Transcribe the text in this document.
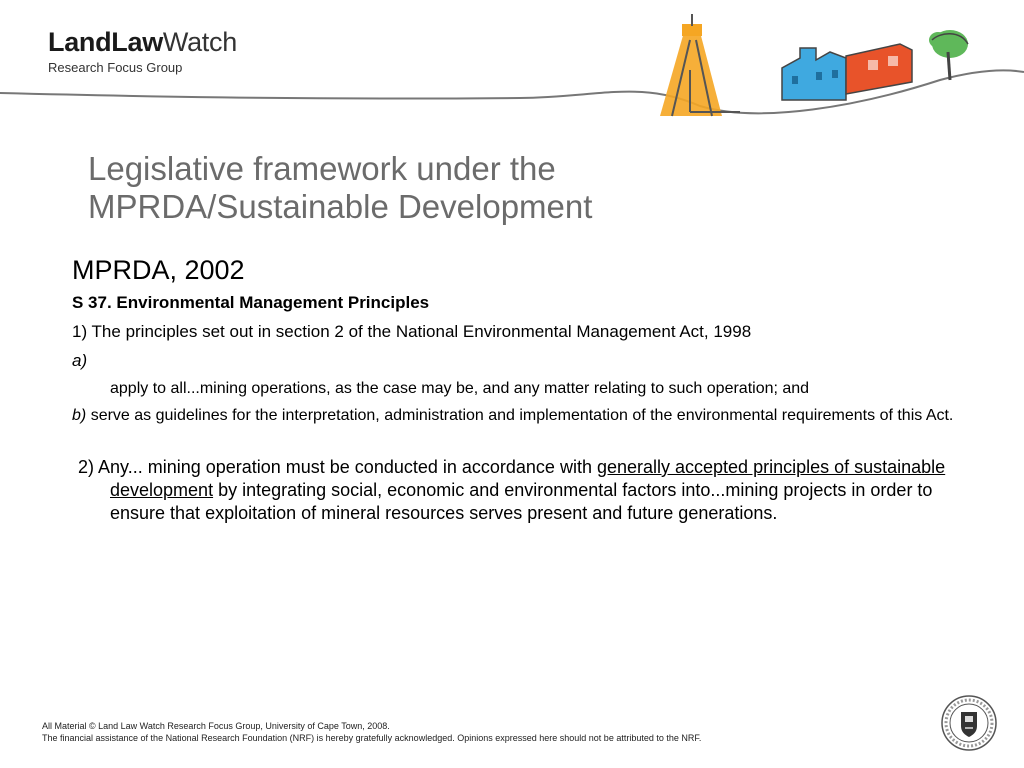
LandLawWatch
Research Focus Group
Legislative framework under the MPRDA/Sustainable Development
MPRDA, 2002

S 37. Environmental Management Principles

1) The principles set out in section 2 of the National Environmental Management Act, 1998

a)

apply to all...mining operations, as the case may be, and any matter relating to such operation; and

b) serve as guidelines for the interpretation, administration and implementation of the environmental requirements of this Act.

2) Any... mining operation must be conducted in accordance with generally accepted principles of sustainable development by integrating social, economic and environmental factors into...mining projects in order to ensure that exploitation of mineral resources serves present and future generations.

All Material © Land Law Watch Research Focus Group, University of Cape Town, 2008.
The financial assistance of the National Research Foundation (NRF) is hereby gratefully acknowledged. Opinions expressed here should not be attributed to the NRF.
